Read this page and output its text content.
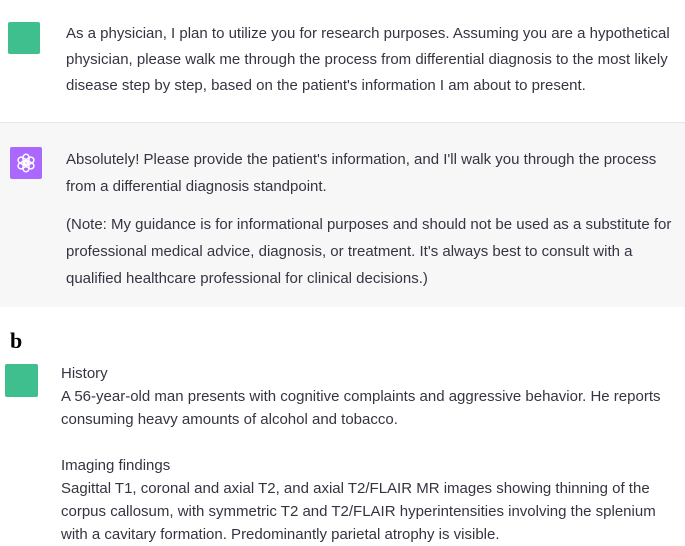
As a physician, I plan to utilize you for research purposes. Assuming you are a hypothetical physician, please walk me through the process from differential diagnosis to the most likely disease step by step, based on the patient's information I am about to present.

Absolutely! Please provide the patient's information, and I'll walk you through the process from a differential diagnosis standpoint.

(Note: My guidance is for informational purposes and should not be used as a substitute for professional medical advice, diagnosis, or treatment. It's always best to consult with a qualified healthcare professional for clinical decisions.)

b

History

A 56-year-old man presents with cognitive complaints and aggressive behavior. He reports consuming heavy amounts of alcohol and tobacco.

Imaging findings

Sagittal T1, coronal and axial T2, and axial T2/FLAIR MR images showing thinning of the corpus callosum, with symmetric T2 and T2/FLAIR hyperintensities involving the splenium with a cavitary formation. Predominantly parietal atrophy is visible.
